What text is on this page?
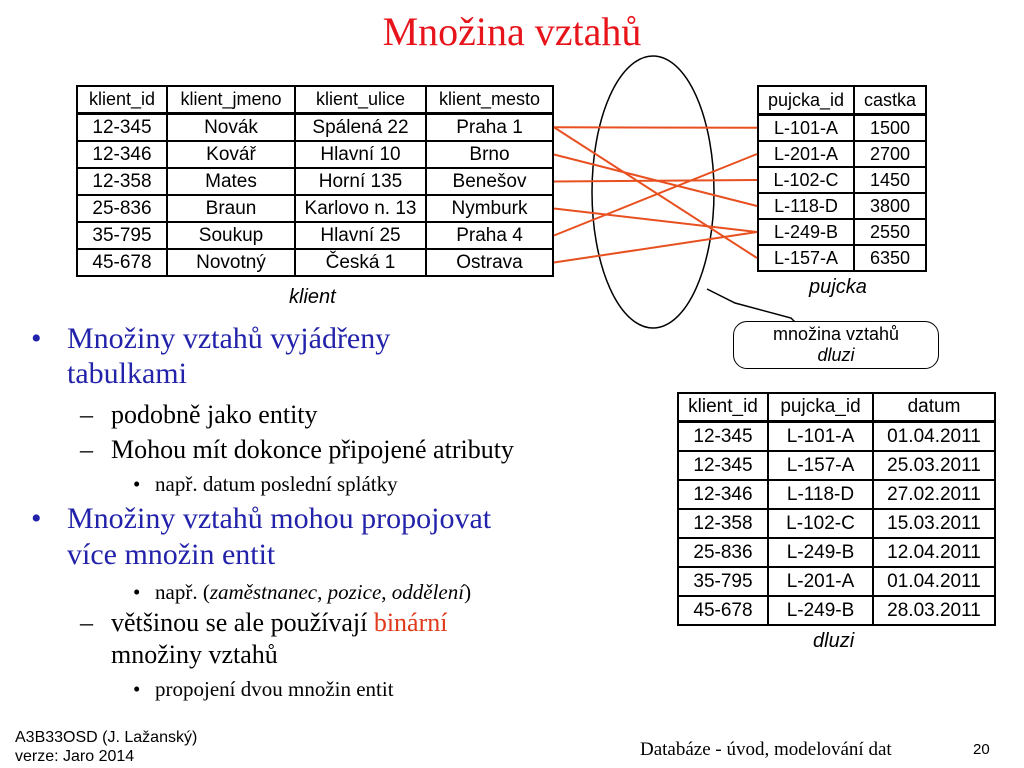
Množina vztahů
klient_id	klient_jmeno	klient_ulice	klient_mesto
12-345	Novák	Spálená 22	Praha 1
12-346	Kovář	Hlavní 10	Brno
12-358	Mates	Horní 135	Benešov
25-836	Braun	Karlovo n. 13	Nymburk
35-795	Soukup	Hlavní 25	Praha 4
45-678	Novotný	Česká 1	Ostrava
klient
pujcka_id	castka
L-101-A	1500
L-201-A	2700
L-102-C	1450
L-118-D	3800
L-249-B	2550
L-157-A	6350
pujcka
množina vztahů
dluzi
klient_id	pujcka_id	datum
12-345	L-101-A	01.04.2011
12-345	L-157-A	25.03.2011
12-346	L-118-D	27.02.2011
12-358	L-102-C	15.03.2011
25-836	L-249-B	12.04.2011
35-795	L-201-A	01.04.2011
45-678	L-249-B	28.03.2011
dluzi
• Množiny vztahů vyjádřeny
tabulkami
– podobně jako entity
– Mohou mít dokonce připojené atributy
• např. datum poslední splátky
• Množiny vztahů mohou propojovat
více množin entit
• např. (zaměstnanec, pozice, oddělení)
– většinou se ale používají binární
množiny vztahů
• propojení dvou množin entit
A3B33OSD (J. Lažanský)
verze: Jaro 2014	Databáze - úvod, modelování dat	20
